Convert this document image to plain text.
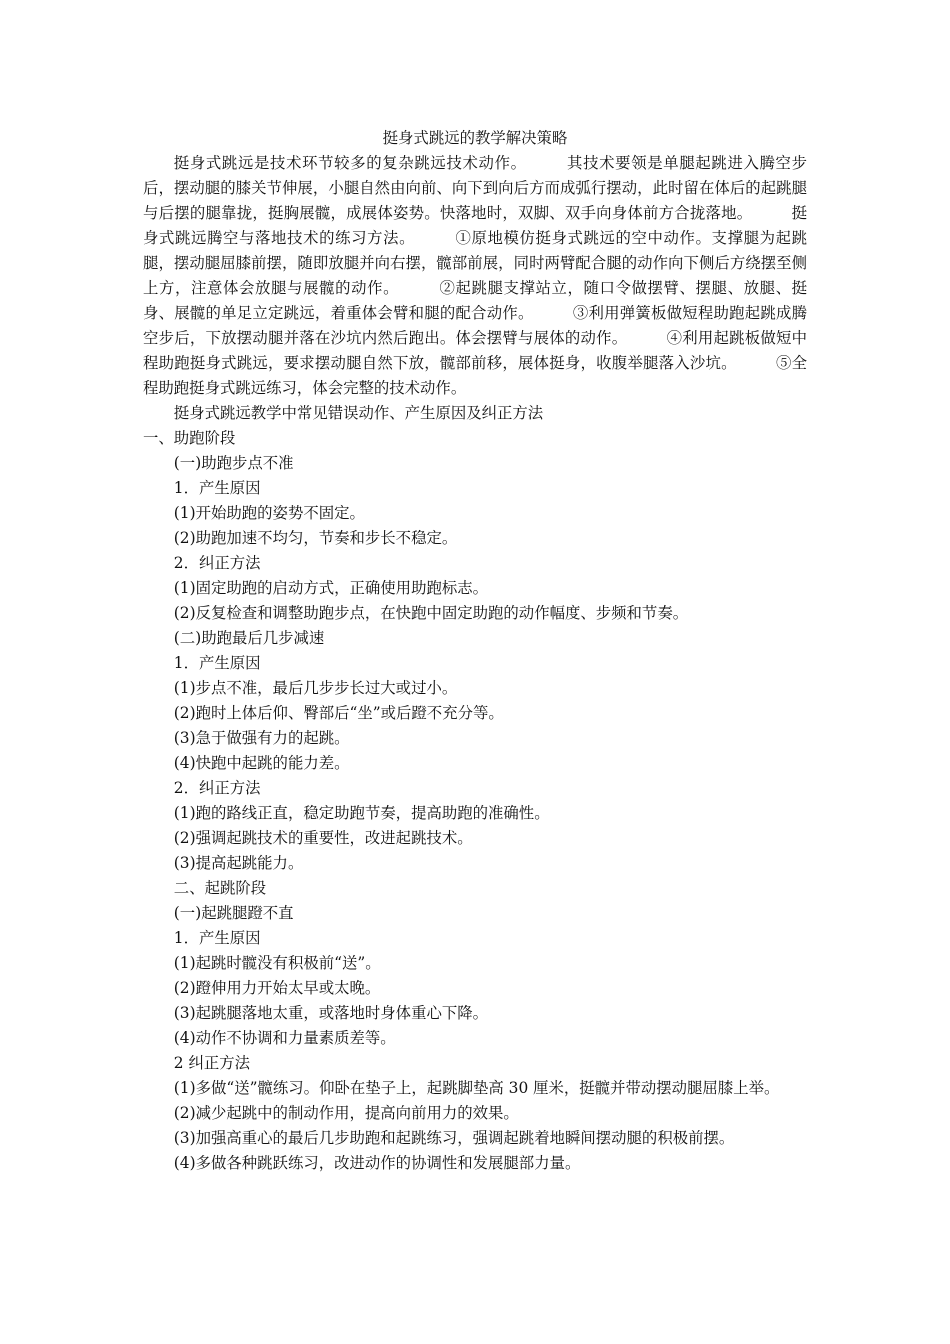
挺身式跳远的教学解决策略

挺身式跳远是技术环节较多的复杂跳远技术动作。　　　其技术要领是单腿起跳进入腾空步后，摆动腿的膝关节伸展，小腿自然由向前、向下到向后方而成弧行摆动，此时留在体后的起跳腿与后摆的腿靠拢，挺胸展髋，成展体姿势。快落地时，双脚、双手向身体前方合拢落地。　　　挺身式跳远腾空与落地技术的练习方法。　　　①原地模仿挺身式跳远的空中动作。支撑腿为起跳腿，摆动腿屈膝前摆，随即放腿并向右摆，髋部前展，同时两臂配合腿的动作向下侧后方绕摆至侧上方，注意体会放腿与展髋的动作。　　　②起跳腿支撑站立，随口令做摆臂、摆腿、放腿、挺身、展髋的单足立定跳远，着重体会臂和腿的配合动作。　　　③利用弹簧板做短程助跑起跳成腾空步后，下放摆动腿并落在沙坑内然后跑出。体会摆臂与展体的动作。　　　④利用起跳板做短中程助跑挺身式跳远，要求摆动腿自然下放，髋部前移，展体挺身，收腹举腿落入沙坑。　　　⑤全程助跑挺身式跳远练习，体会完整的技术动作。

挺身式跳远教学中常见错误动作、产生原因及纠正方法

一、助跑阶段

(一)助跑步点不准

1．产生原因

(1)开始助跑的姿势不固定。

(2)助跑加速不均匀，节奏和步长不稳定。

2．纠正方法

(1)固定助跑的启动方式，正确使用助跑标志。

(2)反复检查和调整助跑步点，在快跑中固定助跑的动作幅度、步频和节奏。

(二)助跑最后几步减速

1．产生原因

(1)步点不准，最后几步步长过大或过小。

(2)跑时上体后仰、臀部后“坐”或后蹬不充分等。

(3)急于做强有力的起跳。

(4)快跑中起跳的能力差。

2．纠正方法

(1)跑的路线正直，稳定助跑节奏，提高助跑的准确性。

(2)强调起跳技术的重要性，改进起跳技术。

(3)提高起跳能力。

二、起跳阶段

(一)起跳腿蹬不直

1．产生原因

(1)起跳时髋没有积极前“送”。

(2)蹬伸用力开始太早或太晚。

(3)起跳腿落地太重，或落地时身体重心下降。

(4)动作不协调和力量素质差等。

2 纠正方法

(1)多做“送”髋练习。仰卧在垫子上，起跳脚垫高 30 厘米，挺髋并带动摆动腿屈膝上举。

(2)减少起跳中的制动作用，提高向前用力的效果。

(3)加强高重心的最后几步助跑和起跳练习，强调起跳着地瞬间摆动腿的积极前摆。

(4)多做各种跳跃练习，改进动作的协调性和发展腿部力量。
